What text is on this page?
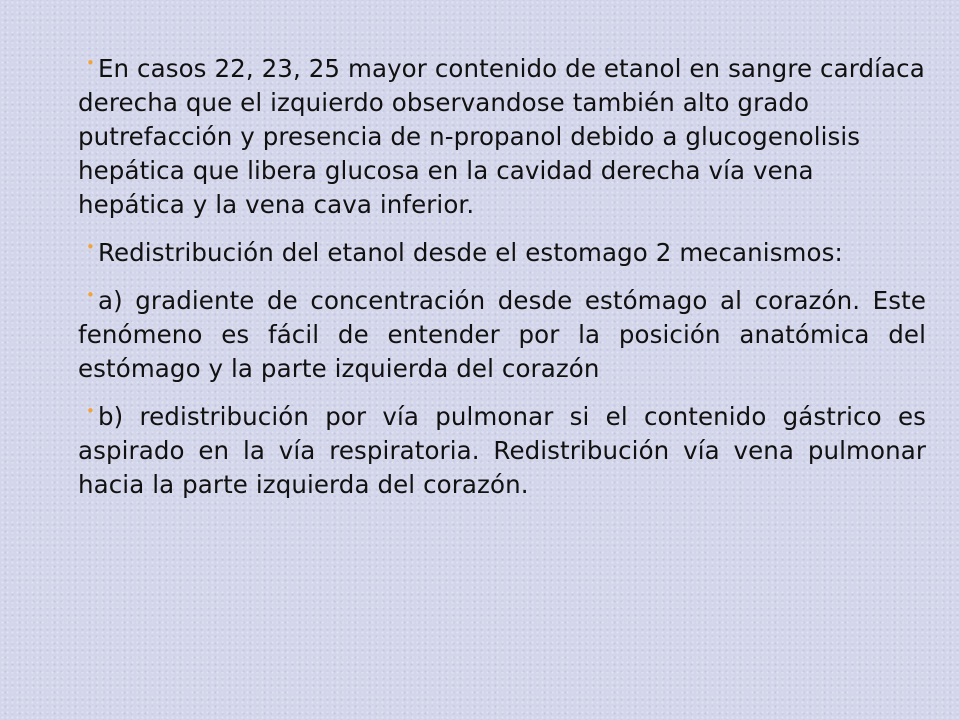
• En casos 22, 23, 25 mayor contenido de etanol en sangre cardíaca derecha que el izquierdo observandose también alto grado putrefacción y presencia de n-propanol debido a glucogenolisis hepática que libera glucosa en la cavidad derecha vía vena hepática y la vena cava inferior.

• Redistribución del etanol desde el estomago 2 mecanismos:

• a) gradiente de concentración desde estómago al corazón. Este fenómeno es fácil de entender por la posición anatómica del estómago y la parte izquierda del corazón

• b) redistribución por vía pulmonar si el contenido gástrico es aspirado en la vía respiratoria. Redistribución vía vena pulmonar hacia la parte izquierda del corazón.
